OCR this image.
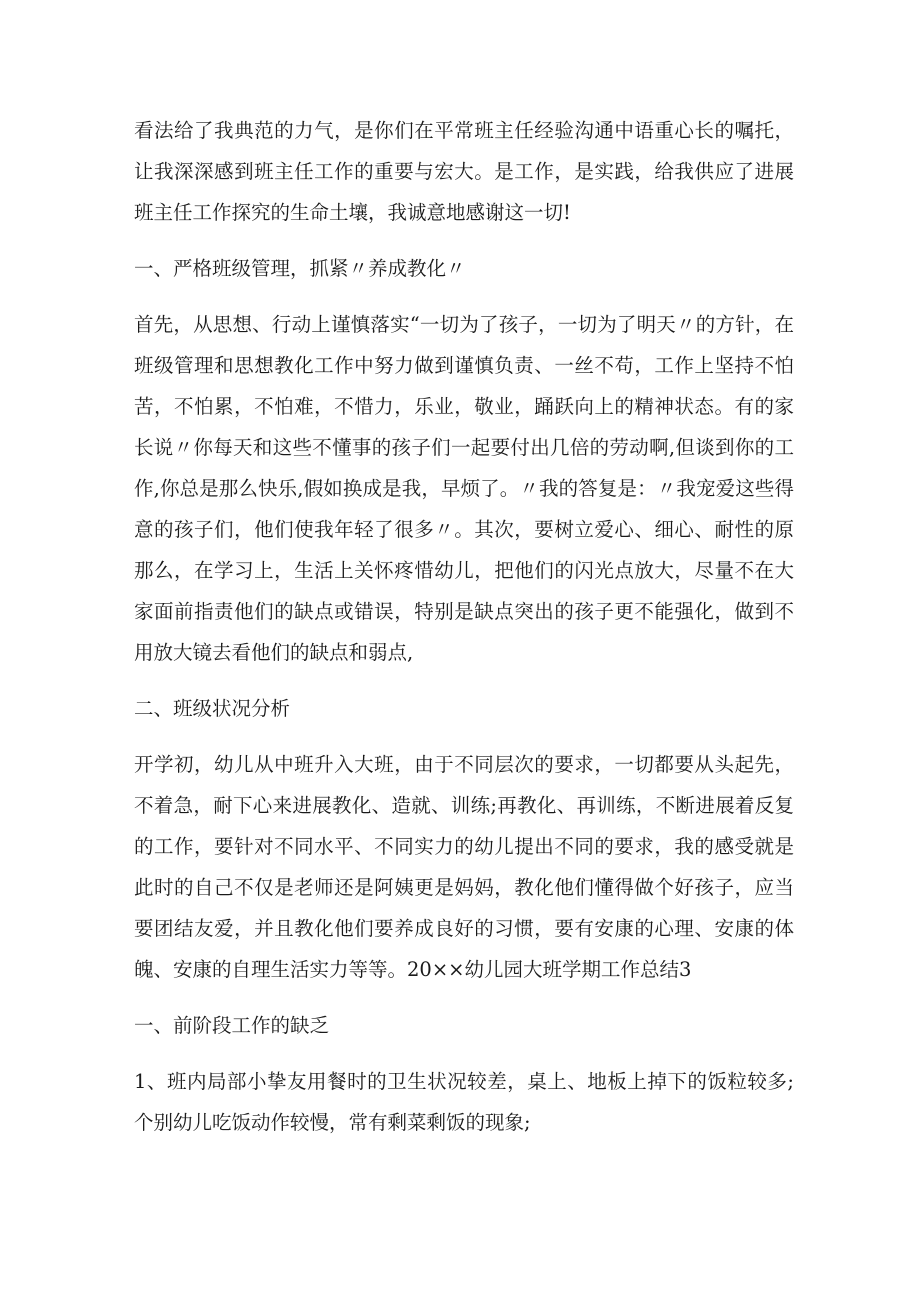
看法给了我典范的力气，是你们在平常班主任经验沟通中语重心长的嘱托，让我深深感到班主任工作的重要与宏大。是工作，是实践，给我供应了进展班主任工作探究的生命土壤，我诚意地感谢这一切!

一、严格班级管理，抓紧〃养成教化〃

首先，从思想、行动上谨慎落实“一切为了孩子，一切为了明天〃的方针，在班级管理和思想教化工作中努力做到谨慎负责、一丝不苟，工作上坚持不怕苦，不怕累，不怕难，不惜力，乐业，敬业，踊跃向上的精神状态。有的家长说〃你每天和这些不懂事的孩子们一起要付出几倍的劳动啊,但谈到你的工作,你总是那么快乐,假如换成是我，早烦了。〃我的答复是：〃我宠爱这些得意的孩子们，他们使我年轻了很多〃。其次，要树立爱心、细心、耐性的原那么，在学习上，生活上关怀疼惜幼儿，把他们的闪光点放大，尽量不在大家面前指责他们的缺点或错误，特别是缺点突出的孩子更不能强化，做到不用放大镜去看他们的缺点和弱点,

二、班级状况分析

开学初，幼儿从中班升入大班，由于不同层次的要求，一切都要从头起先，不着急，耐下心来进展教化、造就、训练;再教化、再训练，不断进展着反复的工作，要针对不同水平、不同实力的幼儿提出不同的要求，我的感受就是此时的自己不仅是老师还是阿姨更是妈妈，教化他们懂得做个好孩子，应当要团结友爱，并且教化他们要养成良好的习惯，要有安康的心理、安康的体魄、安康的自理生活实力等等。20××幼儿园大班学期工作总结3

一、前阶段工作的缺乏

1、班内局部小挚友用餐时的卫生状况较差，桌上、地板上掉下的饭粒较多;个别幼儿吃饭动作较慢，常有剩菜剩饭的现象;
